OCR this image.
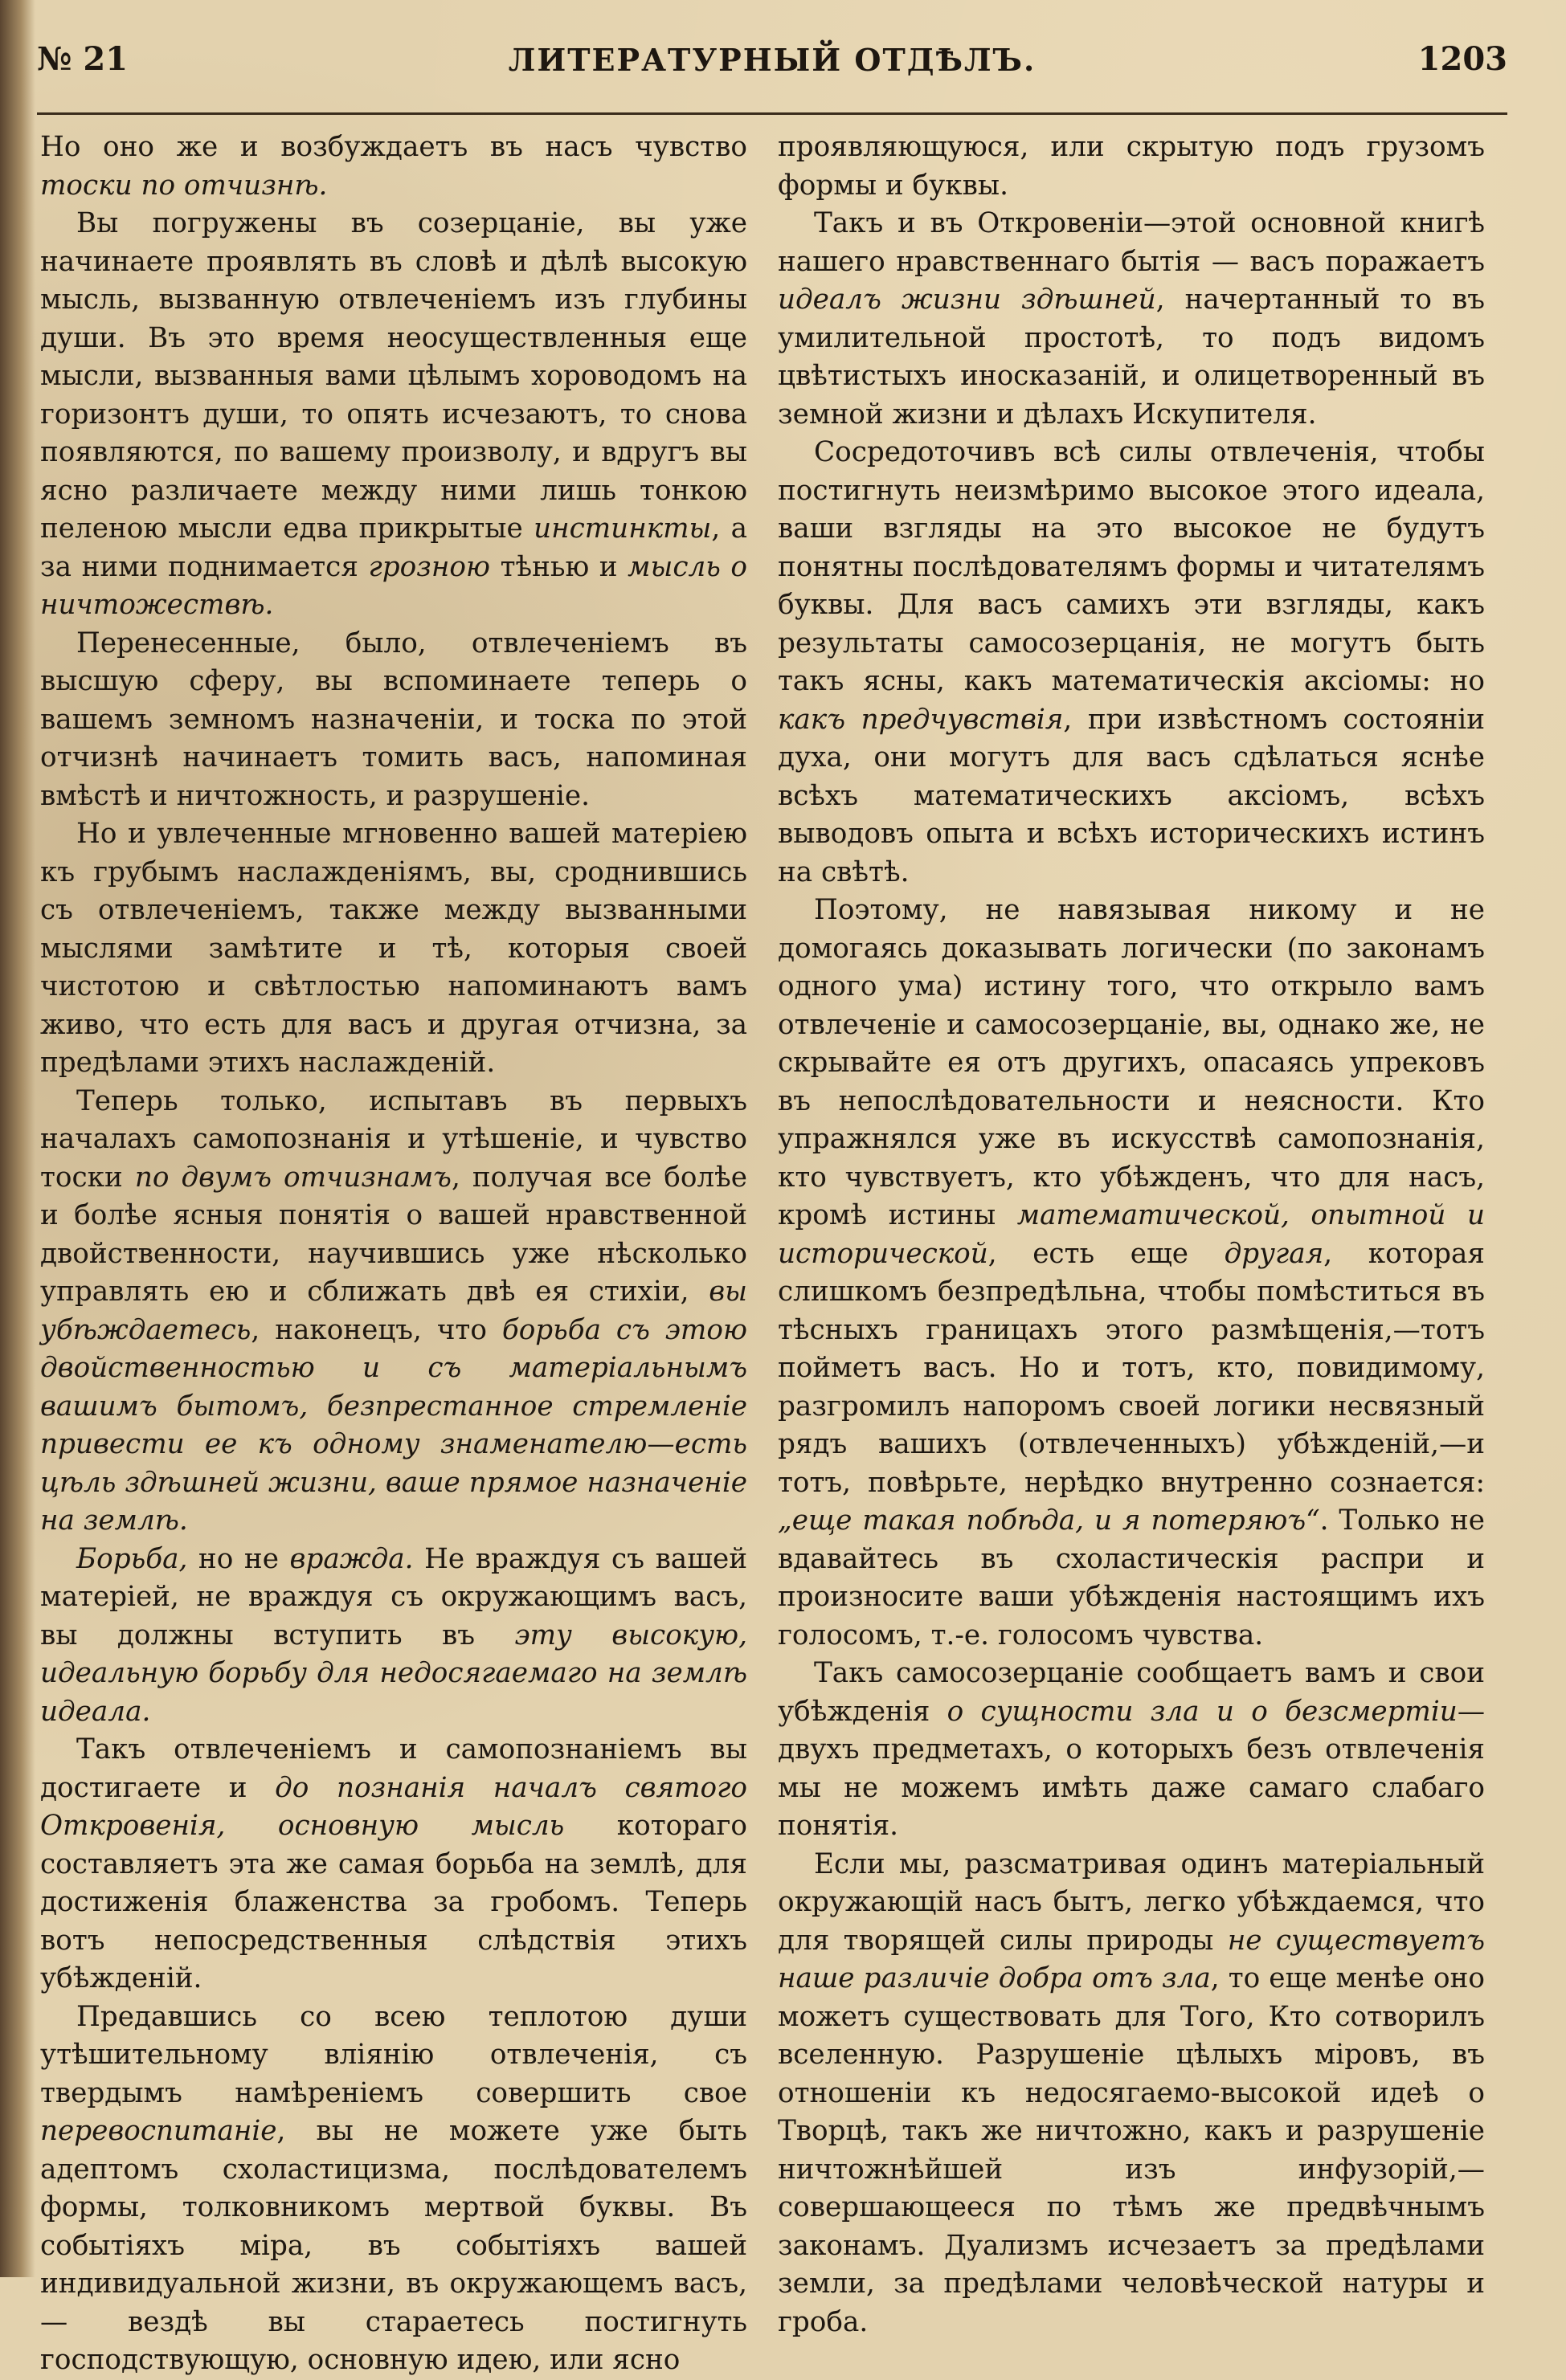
№ 21	ЛИТЕРАТУРНЫЙ ОТДѢЛЪ.	1203

Но оно же и возбуждаетъ въ насъ чувство тоски по отчизнѣ.

Вы погружены въ созерцаніе, вы уже начинаете проявлять въ словѣ и дѣлѣ высокую мысль, вызванную отвлеченіемъ изъ глубины души. Въ это время неосуществленныя еще мысли, вызванныя вами цѣлымъ хороводомъ на горизонтъ души, то опять исчезаютъ, то снова появляются, по вашему произволу, и вдругъ вы ясно различаете между ними лишь тонкою пеленою мысли едва прикрытые инстинкты, а за ними поднимается грозною тѣнью и мысль о ничтожествѣ.

Перенесенные, было, отвлеченіемъ въ высшую сферу, вы вспоминаете теперь о вашемъ земномъ назначеніи, и тоска по этой отчизнѣ начинаетъ томить васъ, напоминая вмѣстѣ и ничтожность, и разрушеніе.

Но и увлеченные мгновенно вашей матеріею къ грубымъ наслажденіямъ, вы, сроднившись съ отвлеченіемъ, также между вызванными мыслями замѣтите и тѣ, которыя своей чистотою и свѣтлостью напоминаютъ вамъ живо, что есть для васъ и другая отчизна, за предѣлами этихъ наслажденій.

Теперь только, испытавъ въ первыхъ началахъ самопознанія и утѣшеніе, и чувство тоски по двумъ отчизнамъ, получая все болѣе и болѣе ясныя понятія о вашей нравственной двойственности, научившись уже нѣсколько управлять ею и сближать двѣ ея стихіи, вы убѣждаетесь, наконецъ, что борьба съ этою двойственностью и съ матеріальнымъ вашимъ бытомъ, безпрестанное стремленіе привести ее къ одному знаменателю—есть цѣль здѣшней жизни, ваше прямое назначеніе на землѣ.

Борьба, но не вражда. Не враждуя съ вашей матеріей, не враждуя съ окружающимъ васъ, вы должны вступить въ эту высокую, идеальную борьбу для недосягаемаго на землѣ идеала.

Такъ отвлеченіемъ и самопознаніемъ вы достигаете и до познанія началъ святого Откровенія, основную мысль котораго составляетъ эта же самая борьба на землѣ, для достиженія блаженства за гробомъ. Теперь вотъ непосредственныя слѣдствія этихъ убѣжденій.

Предавшись со всею теплотою души утѣшительному вліянію отвлеченія, съ твердымъ намѣреніемъ совершить свое перевоспитаніе, вы не можете уже быть адептомъ схоластицизма, послѣдователемъ формы, толковникомъ мертвой буквы. Въ событіяхъ міра, въ событіяхъ вашей индивидуальной жизни, въ окружающемъ васъ, — вездѣ вы стараетесь постигнуть господствующую, основную идею, или ясно

проявляющуюся, или скрытую подъ грузомъ формы и буквы.

Такъ и въ Откровеніи—этой основной книгѣ нашего нравственнаго бытія — васъ поражаетъ идеалъ жизни здѣшней, начертанный то въ умилительной простотѣ, то подъ видомъ цвѣтистыхъ иносказаній, и олицетворенный въ земной жизни и дѣлахъ Искупителя.

Сосредоточивъ всѣ силы отвлеченія, чтобы постигнуть неизмѣримо высокое этого идеала, ваши взгляды на это высокое не будутъ понятны послѣдователямъ формы и читателямъ буквы. Для васъ самихъ эти взгляды, какъ результаты самосозерцанія, не могутъ быть такъ ясны, какъ математическія аксіомы: но какъ предчувствія, при извѣстномъ состояніи духа, они могутъ для васъ сдѣлаться яснѣе всѣхъ математическихъ аксіомъ, всѣхъ выводовъ опыта и всѣхъ историческихъ истинъ на свѣтѣ.

Поэтому, не навязывая никому и не домогаясь доказывать логически (по законамъ одного ума) истину того, что открыло вамъ отвлеченіе и самосозерцаніе, вы, однако же, не скрывайте ея отъ другихъ, опасаясь упрековъ въ непослѣдовательности и неясности. Кто упражнялся уже въ искусствѣ самопознанія, кто чувствуетъ, кто убѣжденъ, что для насъ, кромѣ истины математической, опытной и исторической, есть еще другая, которая слишкомъ безпредѣльна, чтобы помѣститься въ тѣсныхъ границахъ этого размѣщенія,—тотъ пойметъ васъ. Но и тотъ, кто, повидимому, разгромилъ напоромъ своей логики несвязный рядъ вашихъ (отвлеченныхъ) убѣжденій,—и тотъ, повѣрьте, нерѣдко внутренно сознается: „еще такая побѣда, и я потеряюъ“. Только не вдавайтесь въ схоластическія распри и произносите ваши убѣжденія настоящимъ ихъ голосомъ, т.-е. голосомъ чувства.

Такъ самосозерцаніе сообщаетъ вамъ и свои убѣжденія о сущности зла и о безсмертіи—двухъ предметахъ, о которыхъ безъ отвлеченія мы не можемъ имѣть даже самаго слабаго понятія.

Если мы, разсматривая одинъ матеріальный окружающій насъ бытъ, легко убѣждаемся, что для творящей силы природы не существуетъ наше различіе добра отъ зла, то еще менѣе оно можетъ существовать для Того, Кто сотворилъ вселенную. Разрушеніе цѣлыхъ міровъ, въ отношеніи къ недосягаемо-высокой идеѣ о Творцѣ, такъ же ничтожно, какъ и разрушеніе ничтожнѣйшей изъ инфузорій,—совершающееся по тѣмъ же предвѣчнымъ законамъ. Дуализмъ исчезаетъ за предѣлами земли, за предѣлами человѣческой натуры и гроба.
